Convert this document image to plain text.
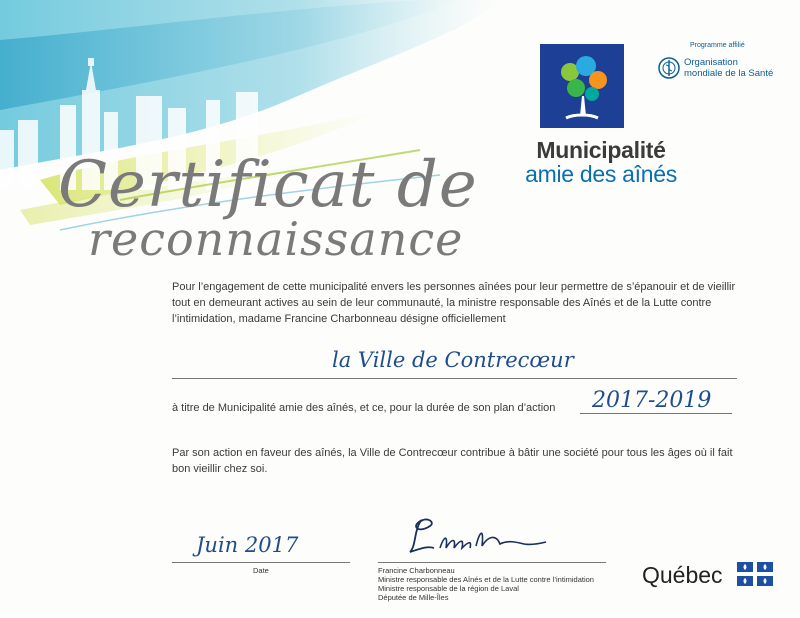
Certificat de
reconnaissance
Municipalité
amie des aînés
Programme affilié
Organisation
mondiale de la Santé
Pour l’engagement de cette municipalité envers les personnes aînées pour leur permettre de s’épanouir et de vieillir tout en demeurant actives au sein de leur communauté, la ministre responsable des Aînés et de la Lutte contre l’intimidation, madame Francine Charbonneau désigne officiellement
la Ville de Contrecœur
à titre de Municipalité amie des aînés, et ce, pour la durée de son plan d’action	2017-2019
Par son action en faveur des aînés, la Ville de Contrecœur contribue à bâtir une société pour tous les âges où il fait bon vieillir chez soi.
Juin 2017
Date	Francine Charbonneau
Ministre responsable des Aînés et de la Lutte contre l’intimidation
Ministre responsable de la région de Laval
Députée de Mille-Îles
Québec
